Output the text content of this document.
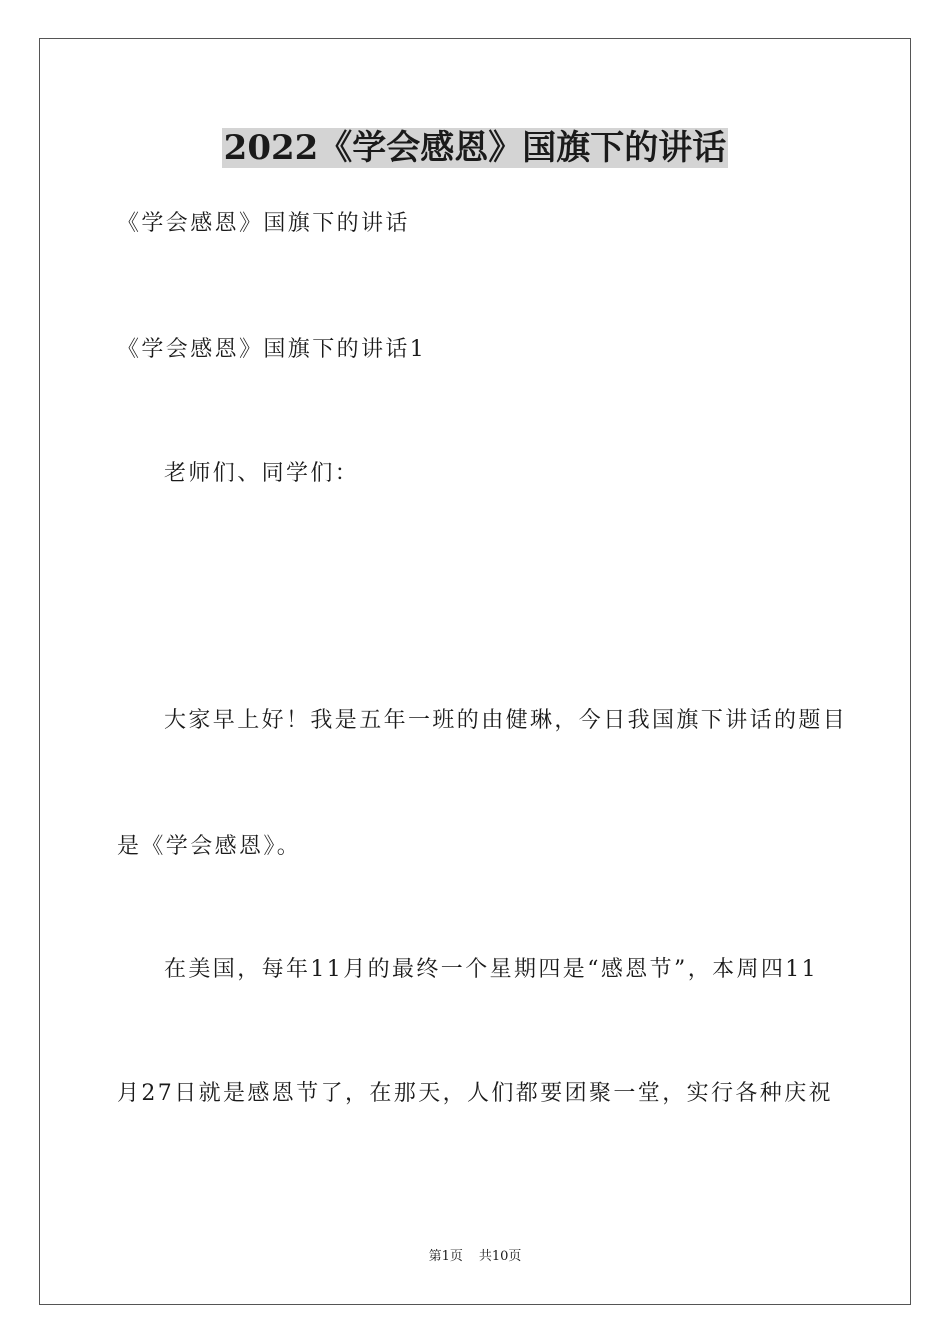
2022《学会感恩》国旗下的讲话

《学会感恩》国旗下的讲话

《学会感恩》国旗下的讲话1

老师们、同学们：

大家早上好！我是五年一班的由健琳，今日我国旗下讲话的题目

是《学会感恩》。

在美国，每年11月的最终一个星期四是“感恩节”，本周四11

月27日就是感恩节了，在那天，人们都要团聚一堂，实行各种庆祝

第1页 共10页
